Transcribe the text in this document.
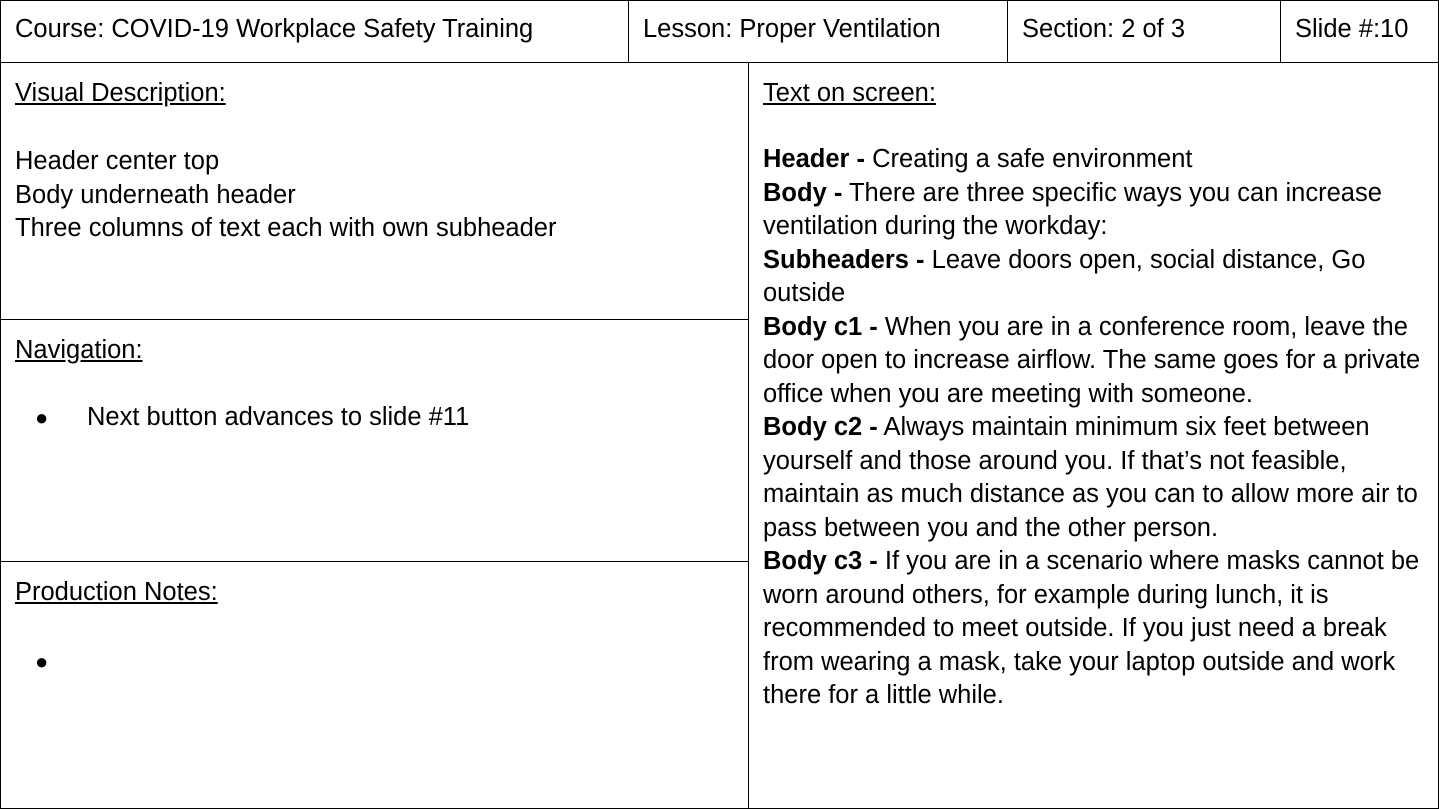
Course: COVID-19 Workplace Safety Training	Lesson: Proper Ventilation	Section: 2 of 3	Slide #:10
Visual Description:
Header center top
Body underneath header
Three columns of text each with own subheader
Navigation:
● Next button advances to slide #11
Production Notes:
●
Text on screen:

Header - Creating a safe environment

Body - There are three specific ways you can increase ventilation during the workday:

Subheaders - Leave doors open, social distance, Go outside

Body c1 - When you are in a conference room, leave the door open to increase airflow. The same goes for a private office when you are meeting with someone.

Body c2 - Always maintain minimum six feet between yourself and those around you. If that’s not feasible, maintain as much distance as you can to allow more air to pass between you and the other person.

Body c3 - If you are in a scenario where masks cannot be worn around others, for example during lunch, it is recommended to meet outside. If you just need a break from wearing a mask, take your laptop outside and work there for a little while.
